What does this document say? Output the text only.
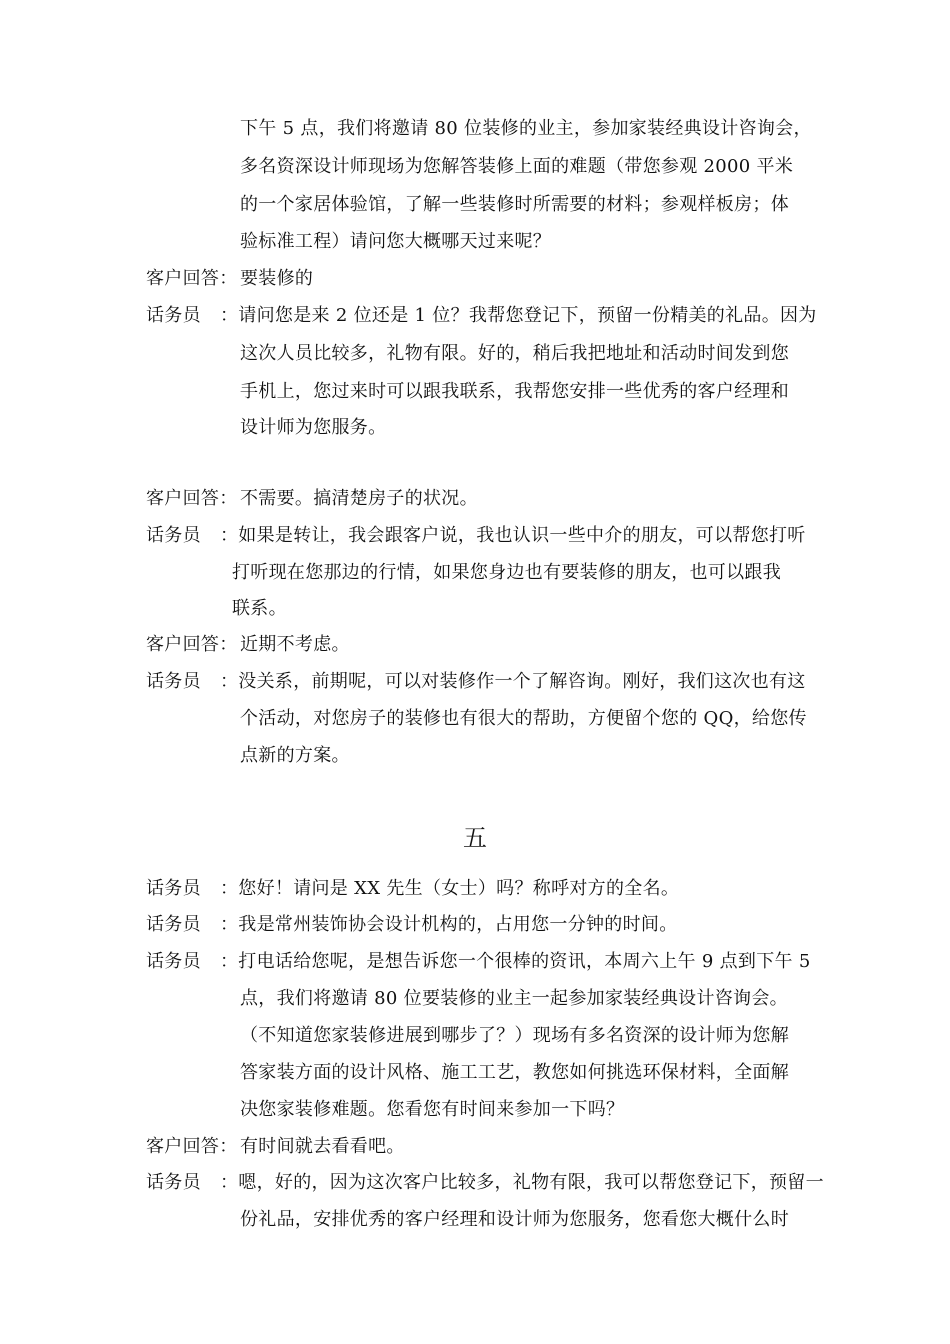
下午 5 点，我们将邀请 80 位装修的业主，参加家装经典设计咨询会，
多名资深设计师现场为您解答装修上面的难题（带您参观 2000 平米
的一个家居体验馆，了解一些装修时所需要的材料；参观样板房；体
验标准工程）请问您大概哪天过来呢？
客户回答： 要装修的
话务员 ：请问您是来 2 位还是 1 位？我帮您登记下，预留一份精美的礼品。因为
这次人员比较多，礼物有限。好的，稍后我把地址和活动时间发到您
手机上，您过来时可以跟我联系，我帮您安排一些优秀的客户经理和
设计师为您服务。
客户回答： 不需要。搞清楚房子的状况。
话务员 ：如果是转让，我会跟客户说，我也认识一些中介的朋友，可以帮您打听
打听现在您那边的行情，如果您身边也有要装修的朋友，也可以跟我
联系。
客户回答： 近期不考虑。
话务员 ：没关系，前期呢，可以对装修作一个了解咨询。刚好，我们这次也有这
个活动，对您房子的装修也有很大的帮助，方便留个您的 QQ，给您传
点新的方案。
五
话务员 ：您好！请问是 XX 先生（女士）吗？称呼对方的全名。
话务员 ：我是常州装饰协会设计机构的，占用您一分钟的时间。
话务员 ：打电话给您呢，是想告诉您一个很棒的资讯，本周六上午 9 点到下午 5
点，我们将邀请 80 位要装修的业主一起参加家装经典设计咨询会。
（不知道您家装修进展到哪步了？）现场有多名资深的设计师为您解
答家装方面的设计风格、施工工艺，教您如何挑选环保材料，全面解
决您家装修难题。您看您有时间来参加一下吗？
客户回答： 有时间就去看看吧。
话务员 ：嗯，好的，因为这次客户比较多，礼物有限，我可以帮您登记下，预留一
份礼品，安排优秀的客户经理和设计师为您服务，您看您大概什么时
